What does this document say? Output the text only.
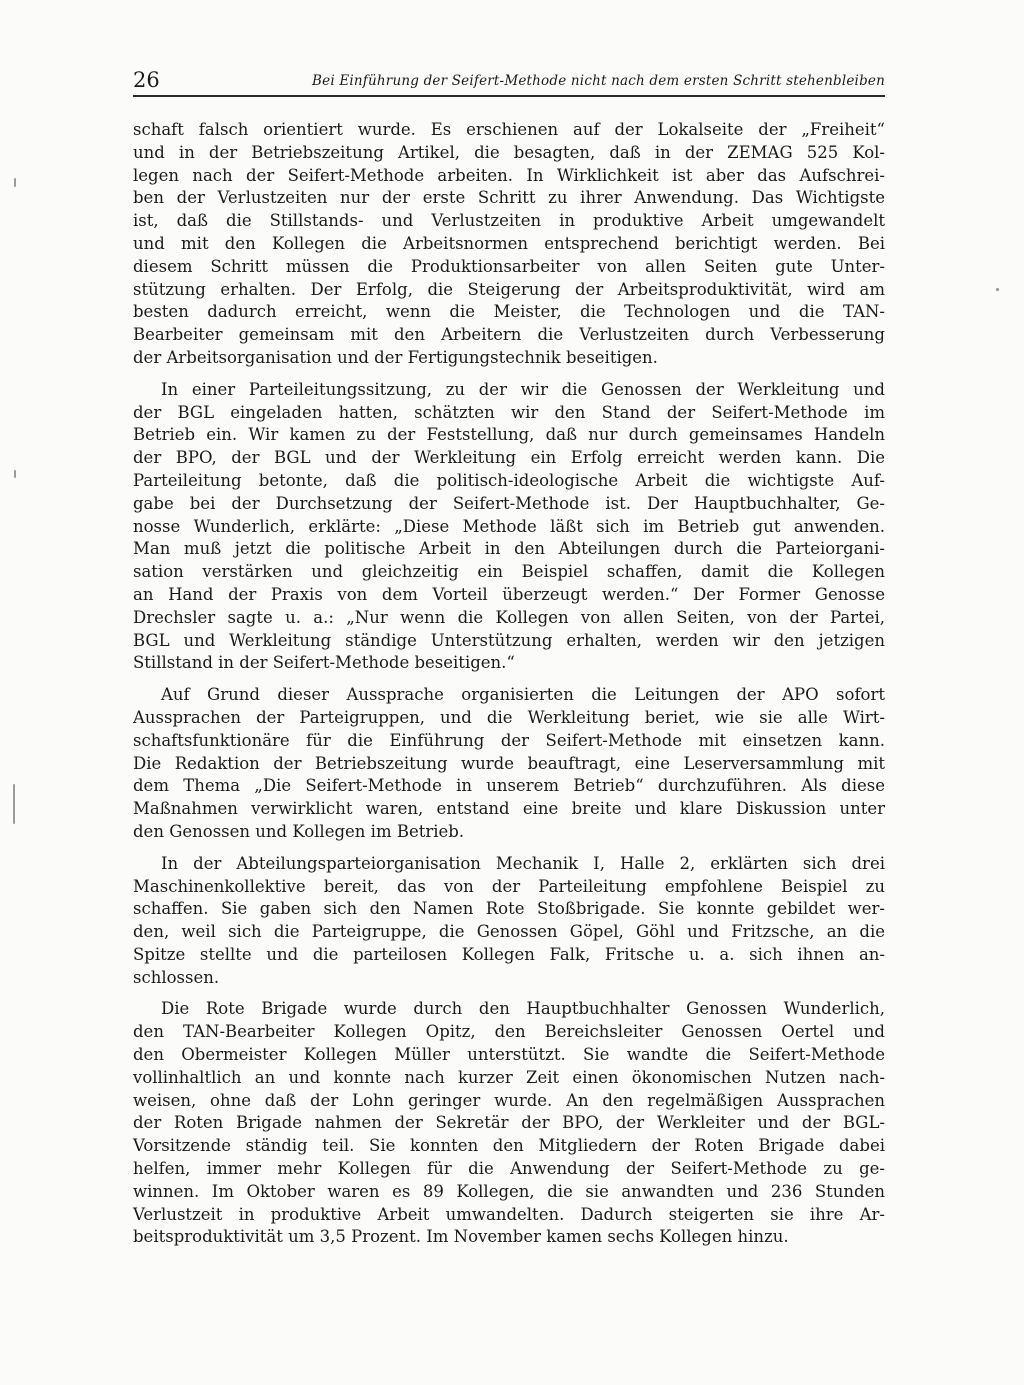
26	Bei Einführung der Seifert-Methode nicht nach dem ersten Schritt stehenbleiben
schaft falsch orientiert wurde. Es erschienen auf der Lokalseite der „Freiheit“
und in der Betriebszeitung Artikel, die besagten, daß in der ZEMAG 525 Kol-
legen nach der Seifert-Methode arbeiten. In Wirklichkeit ist aber das Aufschrei-
ben der Verlustzeiten nur der erste Schritt zu ihrer Anwendung. Das Wichtigste
ist, daß die Stillstands- und Verlustzeiten in produktive Arbeit umgewandelt
und mit den Kollegen die Arbeitsnormen entsprechend berichtigt werden. Bei
diesem Schritt müssen die Produktionsarbeiter von allen Seiten gute Unter-
stützung erhalten. Der Erfolg, die Steigerung der Arbeitsproduktivität, wird am
besten dadurch erreicht, wenn die Meister, die Technologen und die TAN-
Bearbeiter gemeinsam mit den Arbeitern die Verlustzeiten durch Verbesserung
der Arbeitsorganisation und der Fertigungstechnik beseitigen.
In einer Parteileitungssitzung, zu der wir die Genossen der Werkleitung und
der BGL eingeladen hatten, schätzten wir den Stand der Seifert-Methode im
Betrieb ein. Wir kamen zu der Feststellung, daß nur durch gemeinsames Handeln
der BPO, der BGL und der Werkleitung ein Erfolg erreicht werden kann. Die
Parteileitung betonte, daß die politisch-ideologische Arbeit die wichtigste Auf-
gabe bei der Durchsetzung der Seifert-Methode ist. Der Hauptbuchhalter, Ge-
nosse Wunderlich, erklärte: „Diese Methode läßt sich im Betrieb gut anwenden.
Man muß jetzt die politische Arbeit in den Abteilungen durch die Parteiorgani-
sation verstärken und gleichzeitig ein Beispiel schaffen, damit die Kollegen
an Hand der Praxis von dem Vorteil überzeugt werden.“ Der Former Genosse
Drechsler sagte u. a.: „Nur wenn die Kollegen von allen Seiten, von der Partei,
BGL und Werkleitung ständige Unterstützung erhalten, werden wir den jetzigen
Stillstand in der Seifert-Methode beseitigen.“
Auf Grund dieser Aussprache organisierten die Leitungen der APO sofort
Aussprachen der Parteigruppen, und die Werkleitung beriet, wie sie alle Wirt-
schaftsfunktionäre für die Einführung der Seifert-Methode mit einsetzen kann.
Die Redaktion der Betriebszeitung wurde beauftragt, eine Leserversammlung mit
dem Thema „Die Seifert-Methode in unserem Betrieb“ durchzuführen. Als diese
Maßnahmen verwirklicht waren, entstand eine breite und klare Diskussion unter
den Genossen und Kollegen im Betrieb.
In der Abteilungsparteiorganisation Mechanik I, Halle 2, erklärten sich drei
Maschinenkollektive bereit, das von der Parteileitung empfohlene Beispiel zu
schaffen. Sie gaben sich den Namen Rote Stoßbrigade. Sie konnte gebildet wer-
den, weil sich die Parteigruppe, die Genossen Göpel, Göhl und Fritzsche, an die
Spitze stellte und die parteilosen Kollegen Falk, Fritsche u. a. sich ihnen an-
schlossen.
Die Rote Brigade wurde durch den Hauptbuchhalter Genossen Wunderlich,
den TAN-Bearbeiter Kollegen Opitz, den Bereichsleiter Genossen Oertel und
den Obermeister Kollegen Müller unterstützt. Sie wandte die Seifert-Methode
vollinhaltlich an und konnte nach kurzer Zeit einen ökonomischen Nutzen nach-
weisen, ohne daß der Lohn geringer wurde. An den regelmäßigen Aussprachen
der Roten Brigade nahmen der Sekretär der BPO, der Werkleiter und der BGL-
Vorsitzende ständig teil. Sie konnten den Mitgliedern der Roten Brigade dabei
helfen, immer mehr Kollegen für die Anwendung der Seifert-Methode zu ge-
winnen. Im Oktober waren es 89 Kollegen, die sie anwandten und 236 Stunden
Verlustzeit in produktive Arbeit umwandelten. Dadurch steigerten sie ihre Ar-
beitsproduktivität um 3,5 Prozent. Im November kamen sechs Kollegen hinzu.
